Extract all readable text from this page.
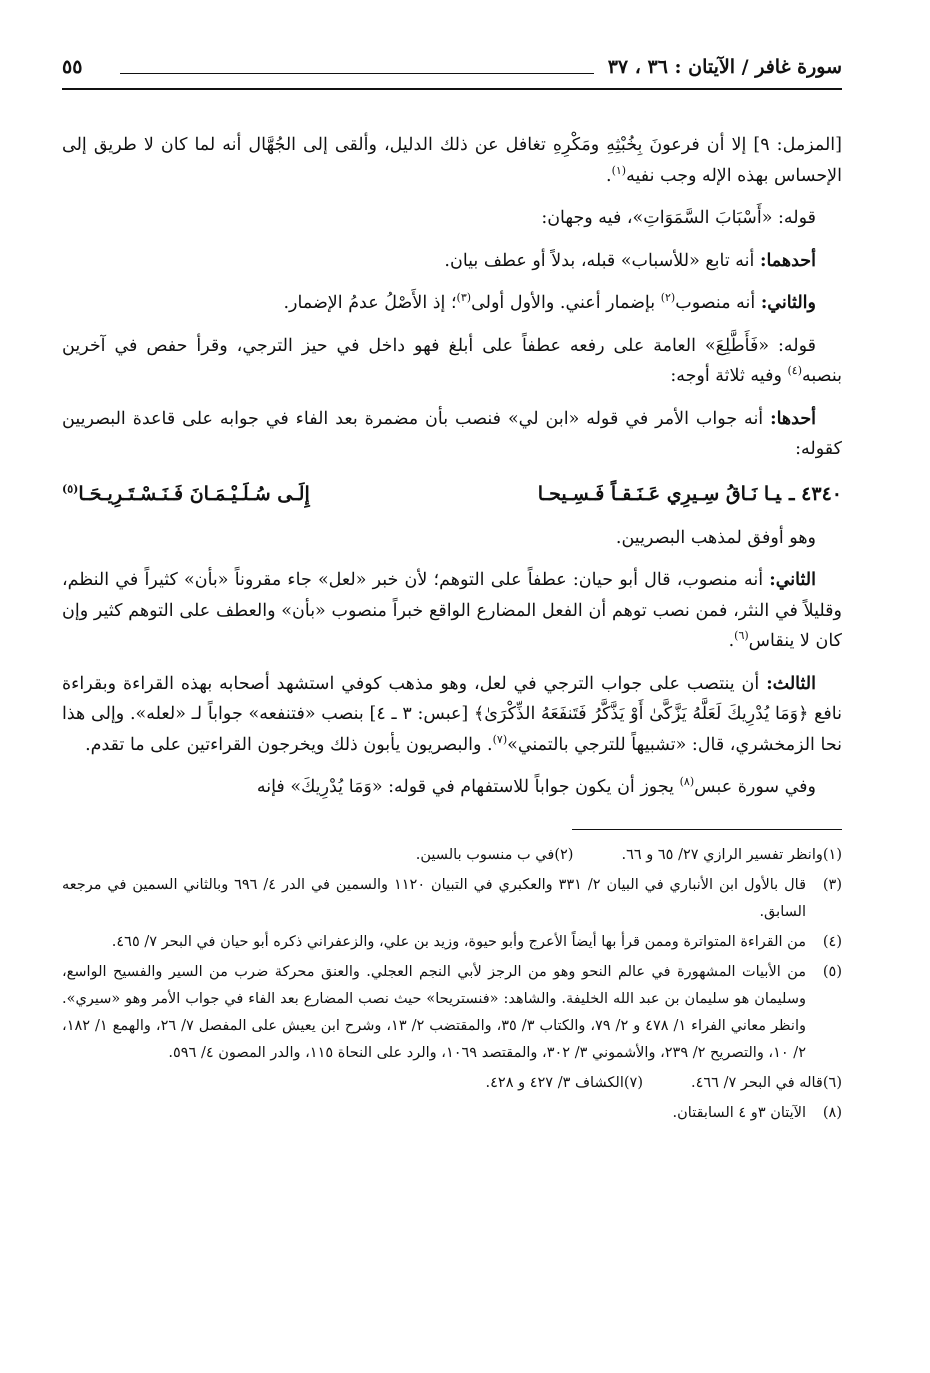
سورة غافر / الآيتان : ٣٦ ، ٣٧
٥٥

[المزمل: ٩] إلا أن فرعونَ بِخُبْثِهِ ومَكْرِهِ تغافل عن ذلك الدليل، وألقى إلى الجُهَّال أنه لما كان لا طريق إلى الإحساس بهذه الإله وجب نفيه$^{(١)}$.

قوله: «أَسْبَابَ السَّمَوَاتِ»، فيه وجهان:

أحدهما: أنه تابع «للأسباب» قبله، بدلاً أو عطف بيان.

والثاني: أنه منصوب$^{(٢)}$ بإضمار أعني. والأول أولى$^{(٣)}$؛ إذ الأَصْلُ عدمُ الإضمار.

قوله: «فَأَطَّلِعَ» العامة على رفعه عطفاً على أبلغ فهو داخل في حيز الترجي، وقرأ حفص في آخرين بنصبه$^{(٤)}$ وفيه ثلاثة أوجه:

أحدها: أنه جواب الأمر في قوله «ابن لي» فنصب بأن مضمرة بعد الفاء في جوابه على قاعدة البصريين كقوله:

٤٣٤٠ ـيـا نَـاقُ سِـيرِي عَـنَـقـاً فَـسِـيحـا
إِلَـى سُـلَـيْـمَـانَ فَـنَـسْـتَـرِيـحَـا$^{(٥)}$

وهو أوفق لمذهب البصريين.

الثاني: أنه منصوب، قال أبو حيان: عطفاً على التوهم؛ لأن خبر «لعل» جاء مقروناً «بأن» كثيراً في النظم، وقليلاً في النثر، فمن نصب توهم أن الفعل المضارع الواقع خبراً منصوب «بأن» والعطف على التوهم كثير وإن كان لا ينقاس$^{(٦)}$.

الثالث: أن ينتصب على جواب الترجي في لعل، وهو مذهب كوفي استشهد أصحابه بهذه القراءة وبقراءة نافع ﴿وَمَا يُدْرِيكَ لَعَلَّهُ يَزَّكَّىٰ أَوْ يَذَّكَّرُ فَتَنفَعَهُ الذِّكْرَىٰ﴾ [عبس: ٣ ـ ٤] بنصب «فتنفعه» جواباً لـ «لعله». وإلى هذا نحا الزمخشري، قال: «تشبيهاً للترجي بالتمني»$^{(٧)}$. والبصريون يأبون ذلك ويخرجون القراءتين على ما تقدم.

وفي سورة عبس$^{(٨)}$ يجوز أن يكون جواباً للاستفهام في قوله: «وَمَا يُدْرِيكَ» فإنه

(١)
وانظر تفسير الرازي ٢٧/ ٦٥ و ٦٦.
(٢)
في ب منسوب بالسين.
(٣)
قال بالأول ابن الأنباري في البيان ٢/ ٣٣١ والعكبري في التبيان ١١٢٠ والسمين في الدر ٤/ ٦٩٦ وبالثاني السمين في مرجعه السابق.
(٤)
من القراءة المتواترة وممن قرأ بها أيضاً الأعرج وأبو حيوة، وزيد بن علي، والزعفراني ذكره أبو حيان في البحر ٧/ ٤٦٥.
(٥)
من الأبيات المشهورة في عالم النحو وهو من الرجز لأبي النجم العجلي. والعنق محركة ضرب من السير والفسيح الواسع، وسليمان هو سليمان بن عبد الله الخليفة. والشاهد: «فنستريحا» حيث نصب المضارع بعد الفاء في جواب الأمر وهو «سيري». وانظر معاني الفراء ١/ ٤٧٨ و ٢/ ٧٩، والكتاب ٣/ ٣٥، والمقتضب ٢/ ١٣، وشرح ابن يعيش على المفصل ٧/ ٢٦، والهمع ١/ ١٨٢، ٢/ ١٠، والتصريح ٢/ ٢٣٩، والأشموني ٣/ ٣٠٢، والمقتصد ١٠٦٩، والرد على النحاة ١١٥، والدر المصون ٤/ ٥٩٦.
(٦)
قاله في البحر ٧/ ٤٦٦.
(٧)
الكشاف ٣/ ٤٢٧ و ٤٢٨.
(٨)
الآيتان ٣و ٤ السابقتان.
